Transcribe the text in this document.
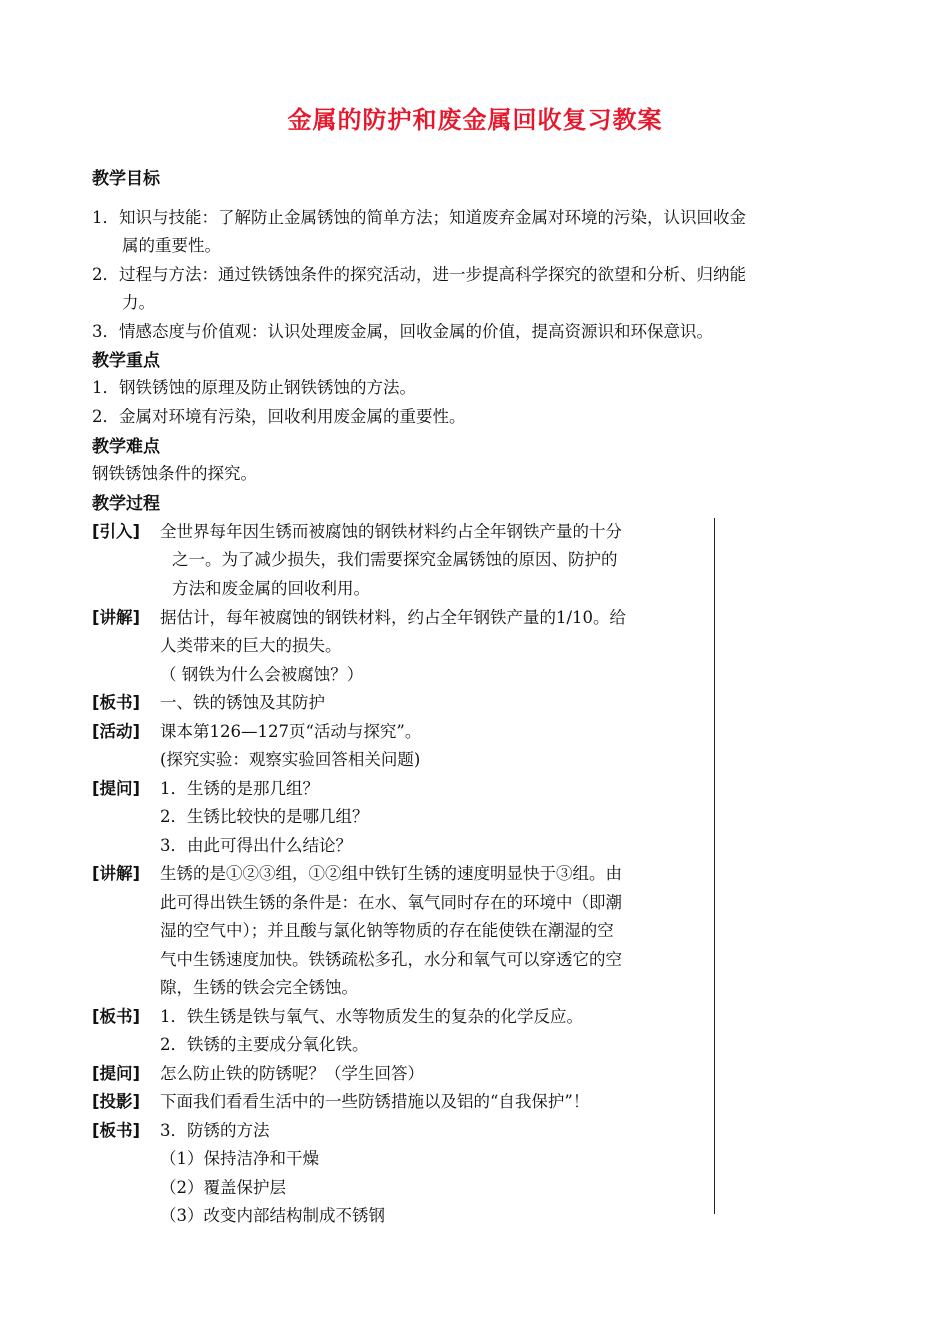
金属的防护和废金属回收复习教案
教学目标
1．知识与技能：了解防止金属锈蚀的简单方法；知道废弃金属对环境的污染，认识回收金
属的重要性。
2．过程与方法：通过铁锈蚀条件的探究活动，进一步提高科学探究的欲望和分析、归纳能
力。
3．情感态度与价值观：认识处理废金属，回收金属的价值，提高资源识和环保意识。
教学重点
1．钢铁锈蚀的原理及防止钢铁锈蚀的方法。
2．金属对环境有污染，回收利用废金属的重要性。
教学难点
钢铁锈蚀条件的探究。
教学过程
[引入] 全世界每年因生锈而被腐蚀的钢铁材料约占全年钢铁产量的十分
之一。为了减少损失，我们需要探究金属锈蚀的原因、防护的
方法和废金属的回收利用。
[讲解] 据估计，每年被腐蚀的钢铁材料，约占全年钢铁产量的1/10。给
人类带来的巨大的损失。
（ 钢铁为什么会被腐蚀？）
[板书] 一、铁的锈蚀及其防护
[活动] 课本第126—127页“活动与探究”。
(探究实验：观察实验回答相关问题)
[提问] 1．生锈的是那几组？
2．生锈比较快的是哪几组？
3．由此可得出什么结论？
[讲解] 生锈的是①②③组，①②组中铁钉生锈的速度明显快于③组。由
此可得出铁生锈的条件是：在水、氧气同时存在的环境中（即潮
湿的空气中）；并且酸与氯化钠等物质的存在能使铁在潮湿的空
气中生锈速度加快。铁锈疏松多孔，水分和氧气可以穿透它的空
隙，生锈的铁会完全锈蚀。
[板书] 1．铁生锈是铁与氧气、水等物质发生的复杂的化学反应。
2．铁锈的主要成分氧化铁。
[提问] 怎么防止铁的防锈呢？（学生回答）
[投影] 下面我们看看生活中的一些防锈措施以及铝的“自我保护”！
[板书] 3．防锈的方法
（1）保持洁净和干燥
（2）覆盖保护层
（3）改变内部结构制成不锈钢
